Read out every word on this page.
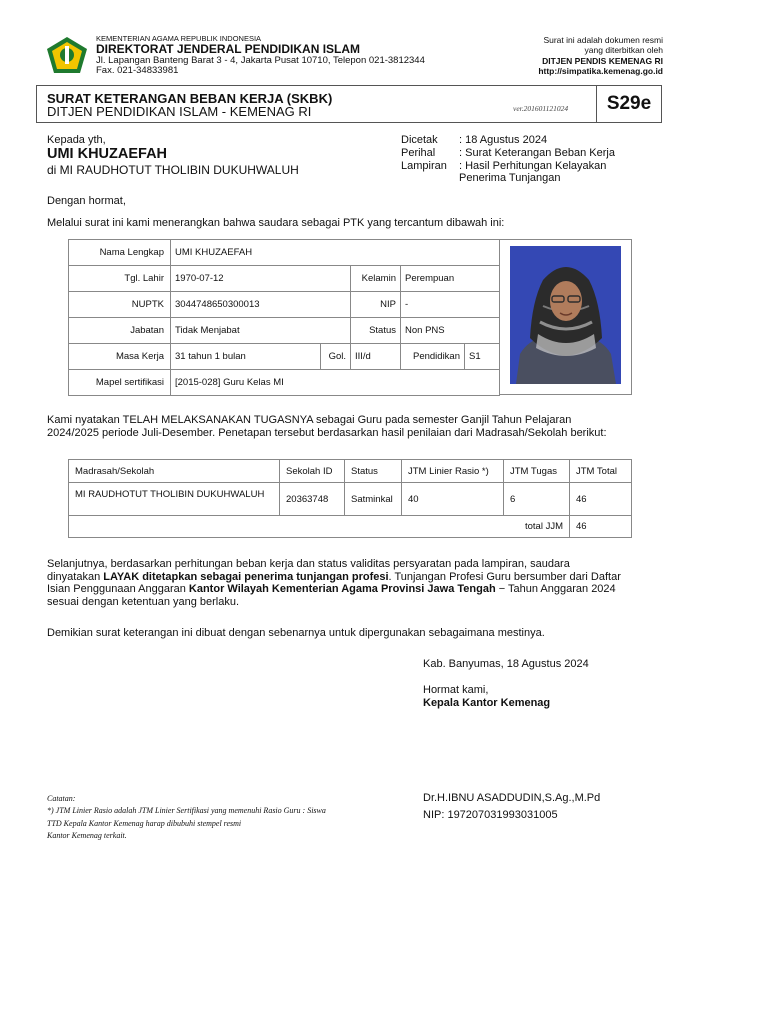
KEMENTERIAN AGAMA REPUBLIK INDONESIA
DIREKTORAT JENDERAL PENDIDIKAN ISLAM
Jl. Lapangan Banteng Barat 3 - 4, Jakarta Pusat 10710, Telepon 021-3812344
Fax. 021-34833981
Surat ini adalah dokumen resmi
yang diterbitkan oleh
DITJEN PENDIS KEMENAG RI
http://simpatika.kemenag.go.id
SURAT KETERANGAN BEBAN KERJA (SKBK)
DITJEN PENDIDIKAN ISLAM - KEMENAG RI	ver.201601121024	S29e
Kepada yth,
UMI KHUZAEFAH
di MI RAUDHOTUT THOLIBIN DUKUHWALUH
Dicetak : 18 Agustus 2024
Perihal : Surat Keterangan Beban Kerja
Lampiran : Hasil Perhitungan Kelayakan
Penerima Tunjangan
Dengan hormat,
Melalui surat ini kami menerangkan bahwa saudara sebagai PTK yang tercantum dibawah ini:
Nama Lengkap	UMI KHUZAEFAH				
Tgl. Lahir	1970-07-12		Kelamin	Perempuan	
NUPTK	3044748650300013		NIP	-	
Jabatan	Tidak Menjabat		Status	Non PNS	
Masa Kerja	31 tahun 1 bulan	Gol.	III/d	Pendidikan	S1
Mapel sertifikasi	[2015-028] Guru Kelas MI				
Kami nyatakan TELAH MELAKSANAKAN TUGASNYA sebagai Guru pada semester Ganjil Tahun Pelajaran
2024/2025 periode Juli-Desember. Penetapan tersebut berdasarkan hasil penilaian dari Madrasah/Sekolah berikut:
Madrasah/Sekolah	Sekolah ID	Status	JTM Linier Rasio *)	JTM Tugas	JTM Total
MI RAUDHOTUT THOLIBIN DUKUHWALUH	20363748	Satminkal	40	6	46
total JJM					46
Selanjutnya, berdasarkan perhitungan beban kerja dan status validitas persyaratan pada lampiran, saudara
dinyatakan LAYAK ditetapkan sebagai penerima tunjangan profesi. Tunjangan Profesi Guru bersumber dari Daftar
Isian Penggunaan Anggaran Kantor Wilayah Kementerian Agama Provinsi Jawa Tengah − Tahun Anggaran 2024
sesuai dengan ketentuan yang berlaku.
Demikian surat keterangan ini dibuat dengan sebenarnya untuk dipergunakan sebagaimana mestinya.
Kab. Banyumas, 18 Agustus 2024
Hormat kami,
Kepala Kantor Kemenag
Dr.H.IBNU ASADDUDIN,S.Ag.,M.Pd
NIP: 197207031993031005
Catatan:
*) JTM Linier Rasio adalah JTM Linier Sertifikasi yang memenuhi Rasio Guru : Siswa
TTD Kepala Kantor Kemenag harap dibubuhi stempel resmi
Kantor Kemenag terkait.
